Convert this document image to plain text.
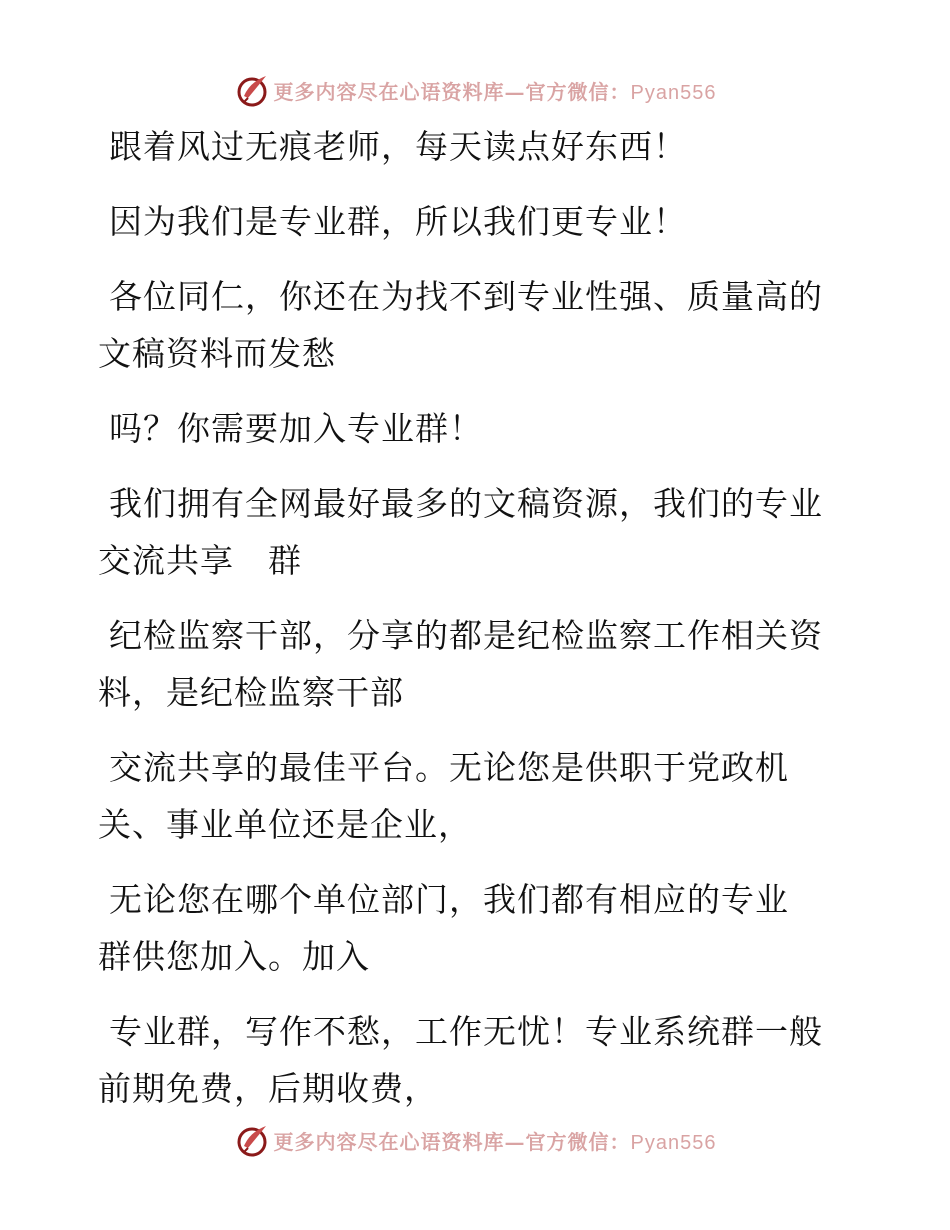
更多内容尽在心语资料库—官方微信：Pyan556

跟着风过无痕老师，每天读点好东西！

因为我们是专业群，所以我们更专业！

各位同仁，你还在为找不到专业性强、质量高的
文稿资料而发愁

吗？你需要加入专业群！

我们拥有全网最好最多的文稿资源，我们的专业
交流共享　群

纪检监察干部，分享的都是纪检监察工作相关资
料，是纪检监察干部

交流共享的最佳平台。无论您是供职于党政机
关、事业单位还是企业，

无论您在哪个单位部门，我们都有相应的专业
群供您加入。加入

专业群，写作不愁，工作无忧！专业系统群一般
前期免费，后期收费，

更多内容尽在心语资料库—官方微信：Pyan556
